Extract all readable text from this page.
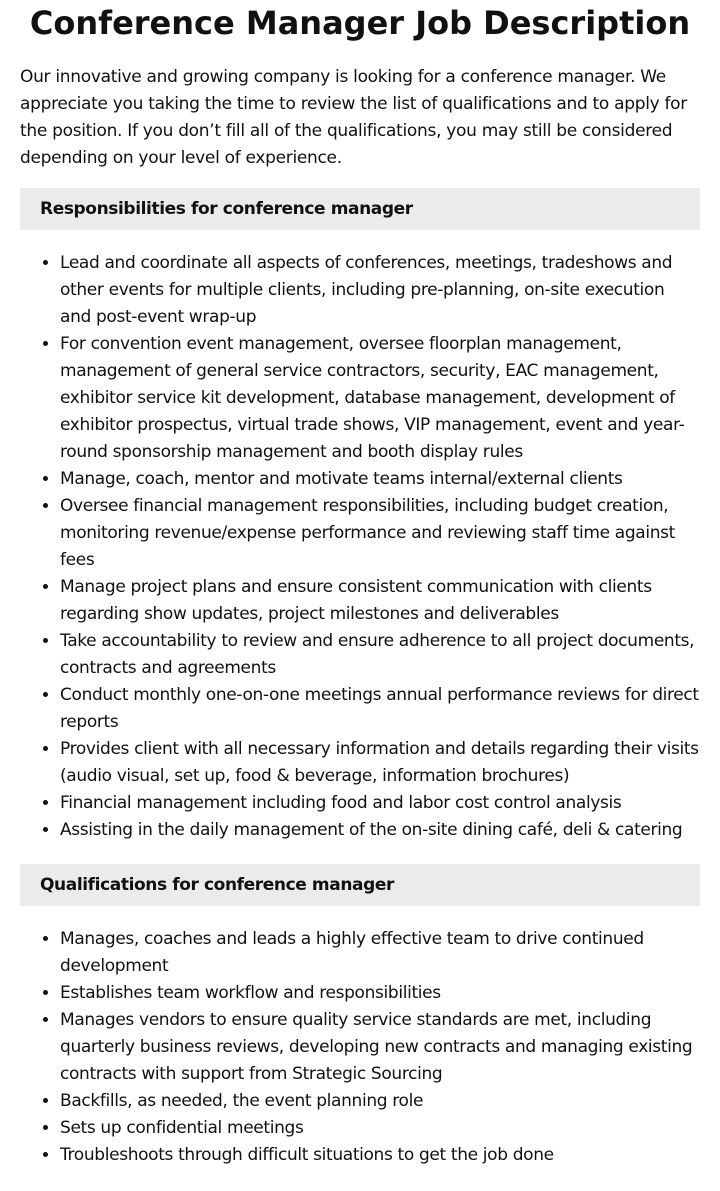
Conference Manager Job Description

Our innovative and growing company is looking for a conference manager. We appreciate you taking the time to review the list of qualifications and to apply for the position. If you don’t fill all of the qualifications, you may still be considered depending on your level of experience.

Responsibilities for conference manager
• Lead and coordinate all aspects of conferences, meetings, tradeshows and other events for multiple clients, including pre-planning, on-site execution and post-event wrap-up
• For convention event management, oversee floorplan management, management of general service contractors, security, EAC management, exhibitor service kit development, database management, development of exhibitor prospectus, virtual trade shows, VIP management, event and year-round sponsorship management and booth display rules
• Manage, coach, mentor and motivate teams internal/external clients
• Oversee financial management responsibilities, including budget creation, monitoring revenue/expense performance and reviewing staff time against fees
• Manage project plans and ensure consistent communication with clients regarding show updates, project milestones and deliverables
• Take accountability to review and ensure adherence to all project documents, contracts and agreements
• Conduct monthly one-on-one meetings annual performance reviews for direct reports
• Provides client with all necessary information and details regarding their visits (audio visual, set up, food & beverage, information brochures)
• Financial management including food and labor cost control analysis
• Assisting in the daily management of the on-site dining café, deli & catering
Qualifications for conference manager
• Manages, coaches and leads a highly effective team to drive continued development
• Establishes team workflow and responsibilities
• Manages vendors to ensure quality service standards are met, including quarterly business reviews, developing new contracts and managing existing contracts with support from Strategic Sourcing
• Backfills, as needed, the event planning role
• Sets up confidential meetings
• Troubleshoots through difficult situations to get the job done
